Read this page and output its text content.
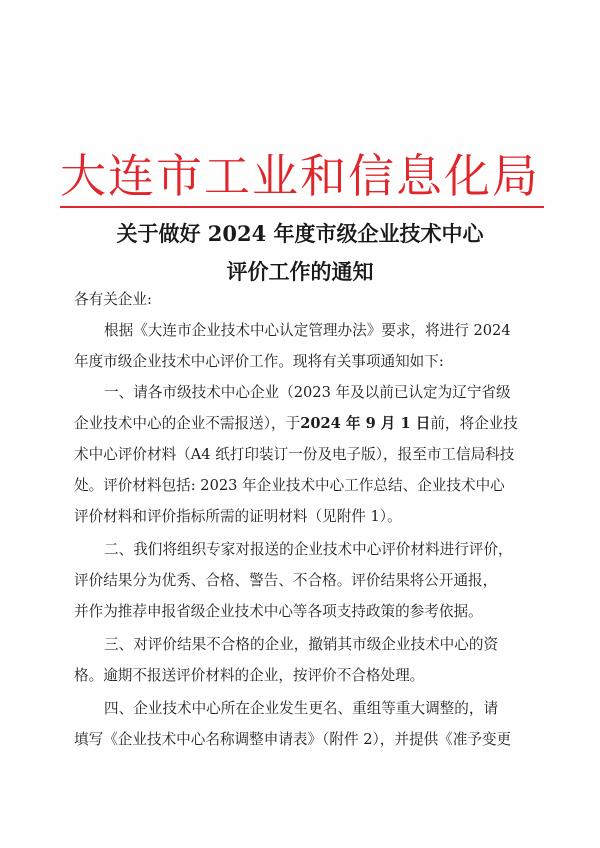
大连市工业和信息化局
关于做好 2024 年度市级企业技术中心
评价工作的通知
各有关企业:
根据《大连市企业技术中心认定管理办法》要求，将进行 2024
年度市级企业技术中心评价工作。现将有关事项通知如下:
一、请各市级技术中心企业（2023 年及以前已认定为辽宁省级
企业技术中心的企业不需报送），于2024 年 9 月 1 日前，将企业技
术中心评价材料（A4 纸打印装订一份及电子版），报至市工信局科技
处。评价材料包括: 2023 年企业技术中心工作总结、企业技术中心
评价材料和评价指标所需的证明材料（见附件 1）。
二、我们将组织专家对报送的企业技术中心评价材料进行评价，
评价结果分为优秀、合格、警告、不合格。评价结果将公开通报，
并作为推荐申报省级企业技术中心等各项支持政策的参考依据。
三、对评价结果不合格的企业，撤销其市级企业技术中心的资
格。逾期不报送评价材料的企业，按评价不合格处理。
四、企业技术中心所在企业发生更名、重组等重大调整的，请
填写《企业技术中心名称调整申请表》（附件 2），并提供《准予变更
